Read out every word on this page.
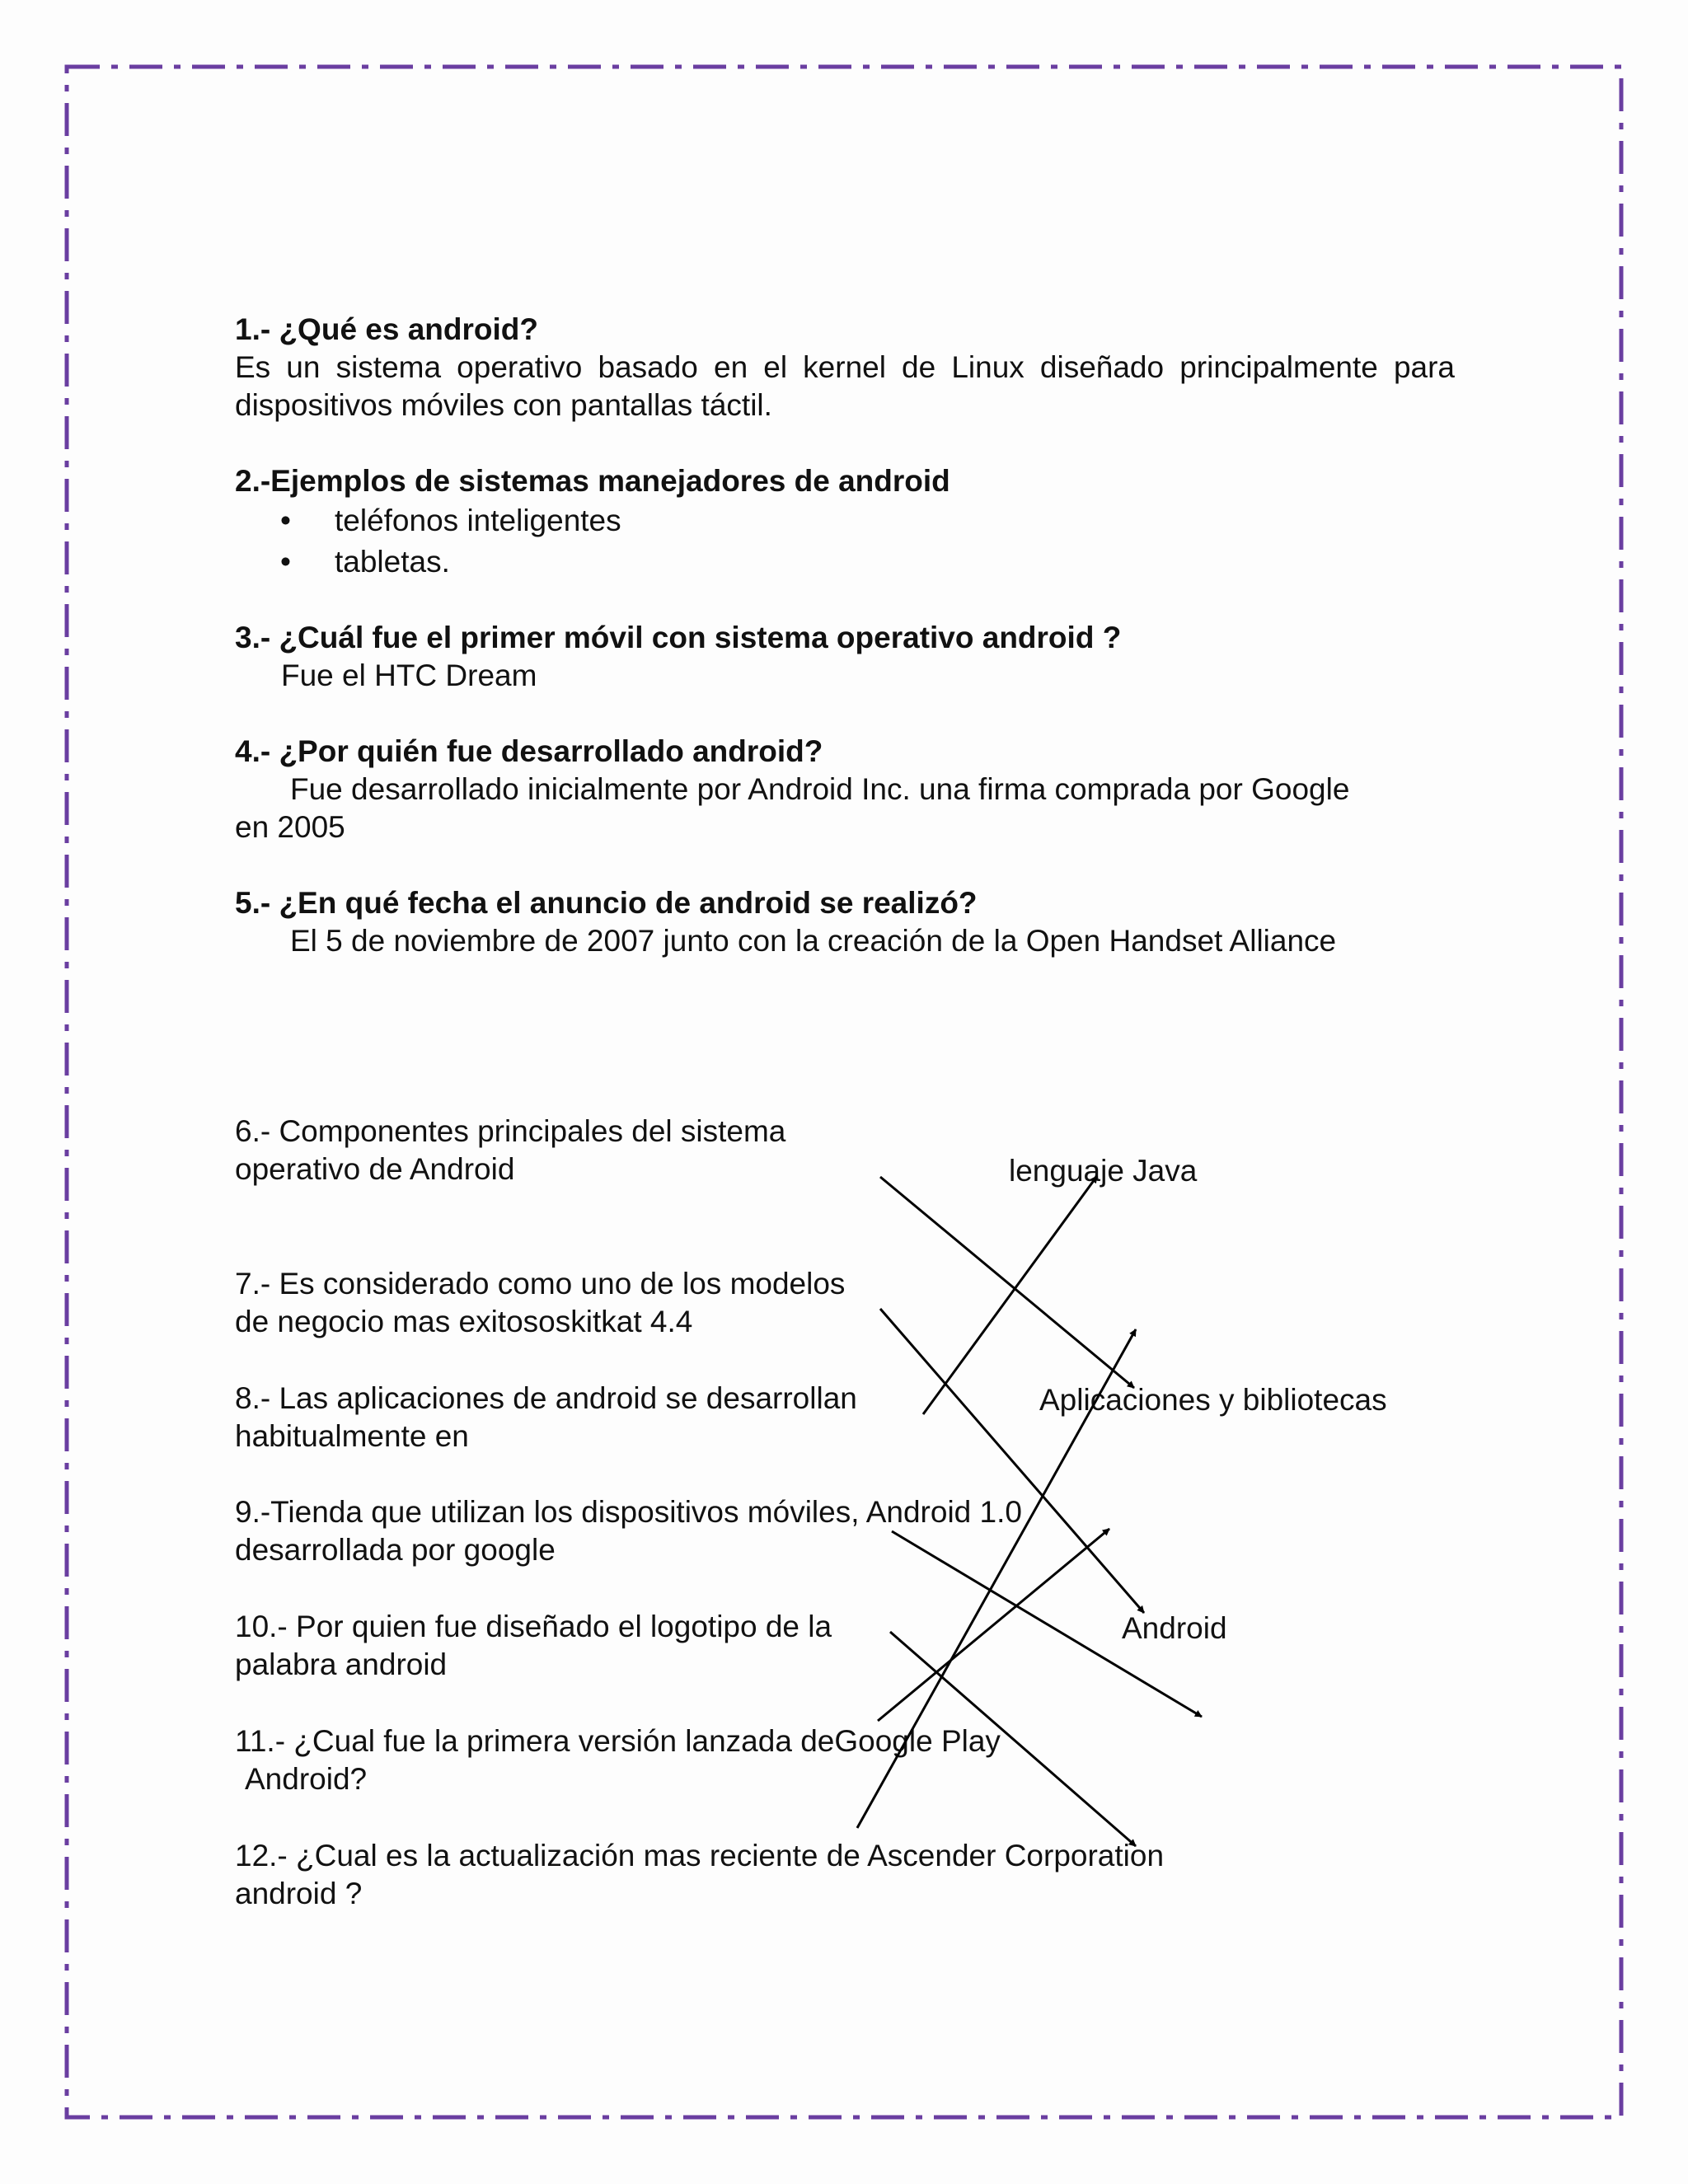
1.- ¿Qué es android?

Es un sistema operativo basado en el kernel de Linux diseñado principalmente para dispositivos móviles con pantallas táctil.

2.-Ejemplos de sistemas manejadores de android

• teléfonos inteligentes
• tabletas.

3.- ¿Cuál fue el primer móvil con sistema operativo android ?

Fue el HTC Dream

4.- ¿Por quién fue desarrollado android?

Fue desarrollado inicialmente por Android Inc. una firma comprada por Google

en 2005

5.- ¿En qué fecha el anuncio de android se realizó?

El 5 de noviembre de 2007 junto con la creación de la Open Handset Alliance

6.- Componentes principales del sistema

operativo de Android

7.- Es considerado como uno de los modelos

de negocio mas exitososkitkat 4.4

8.- Las aplicaciones de android se desarrollan

habitualmente en

9.-Tienda que utilizan los dispositivos móviles, Android 1.0

desarrollada por google

10.- Por quien fue diseñado el logotipo de la

palabra android

11.- ¿Cual fue la primera versión lanzada deGoogle Play

Android?

12.- ¿Cual es la actualización mas reciente de Ascender Corporation

android ?

lenguaje Java

Aplicaciones y bibliotecas

Android
